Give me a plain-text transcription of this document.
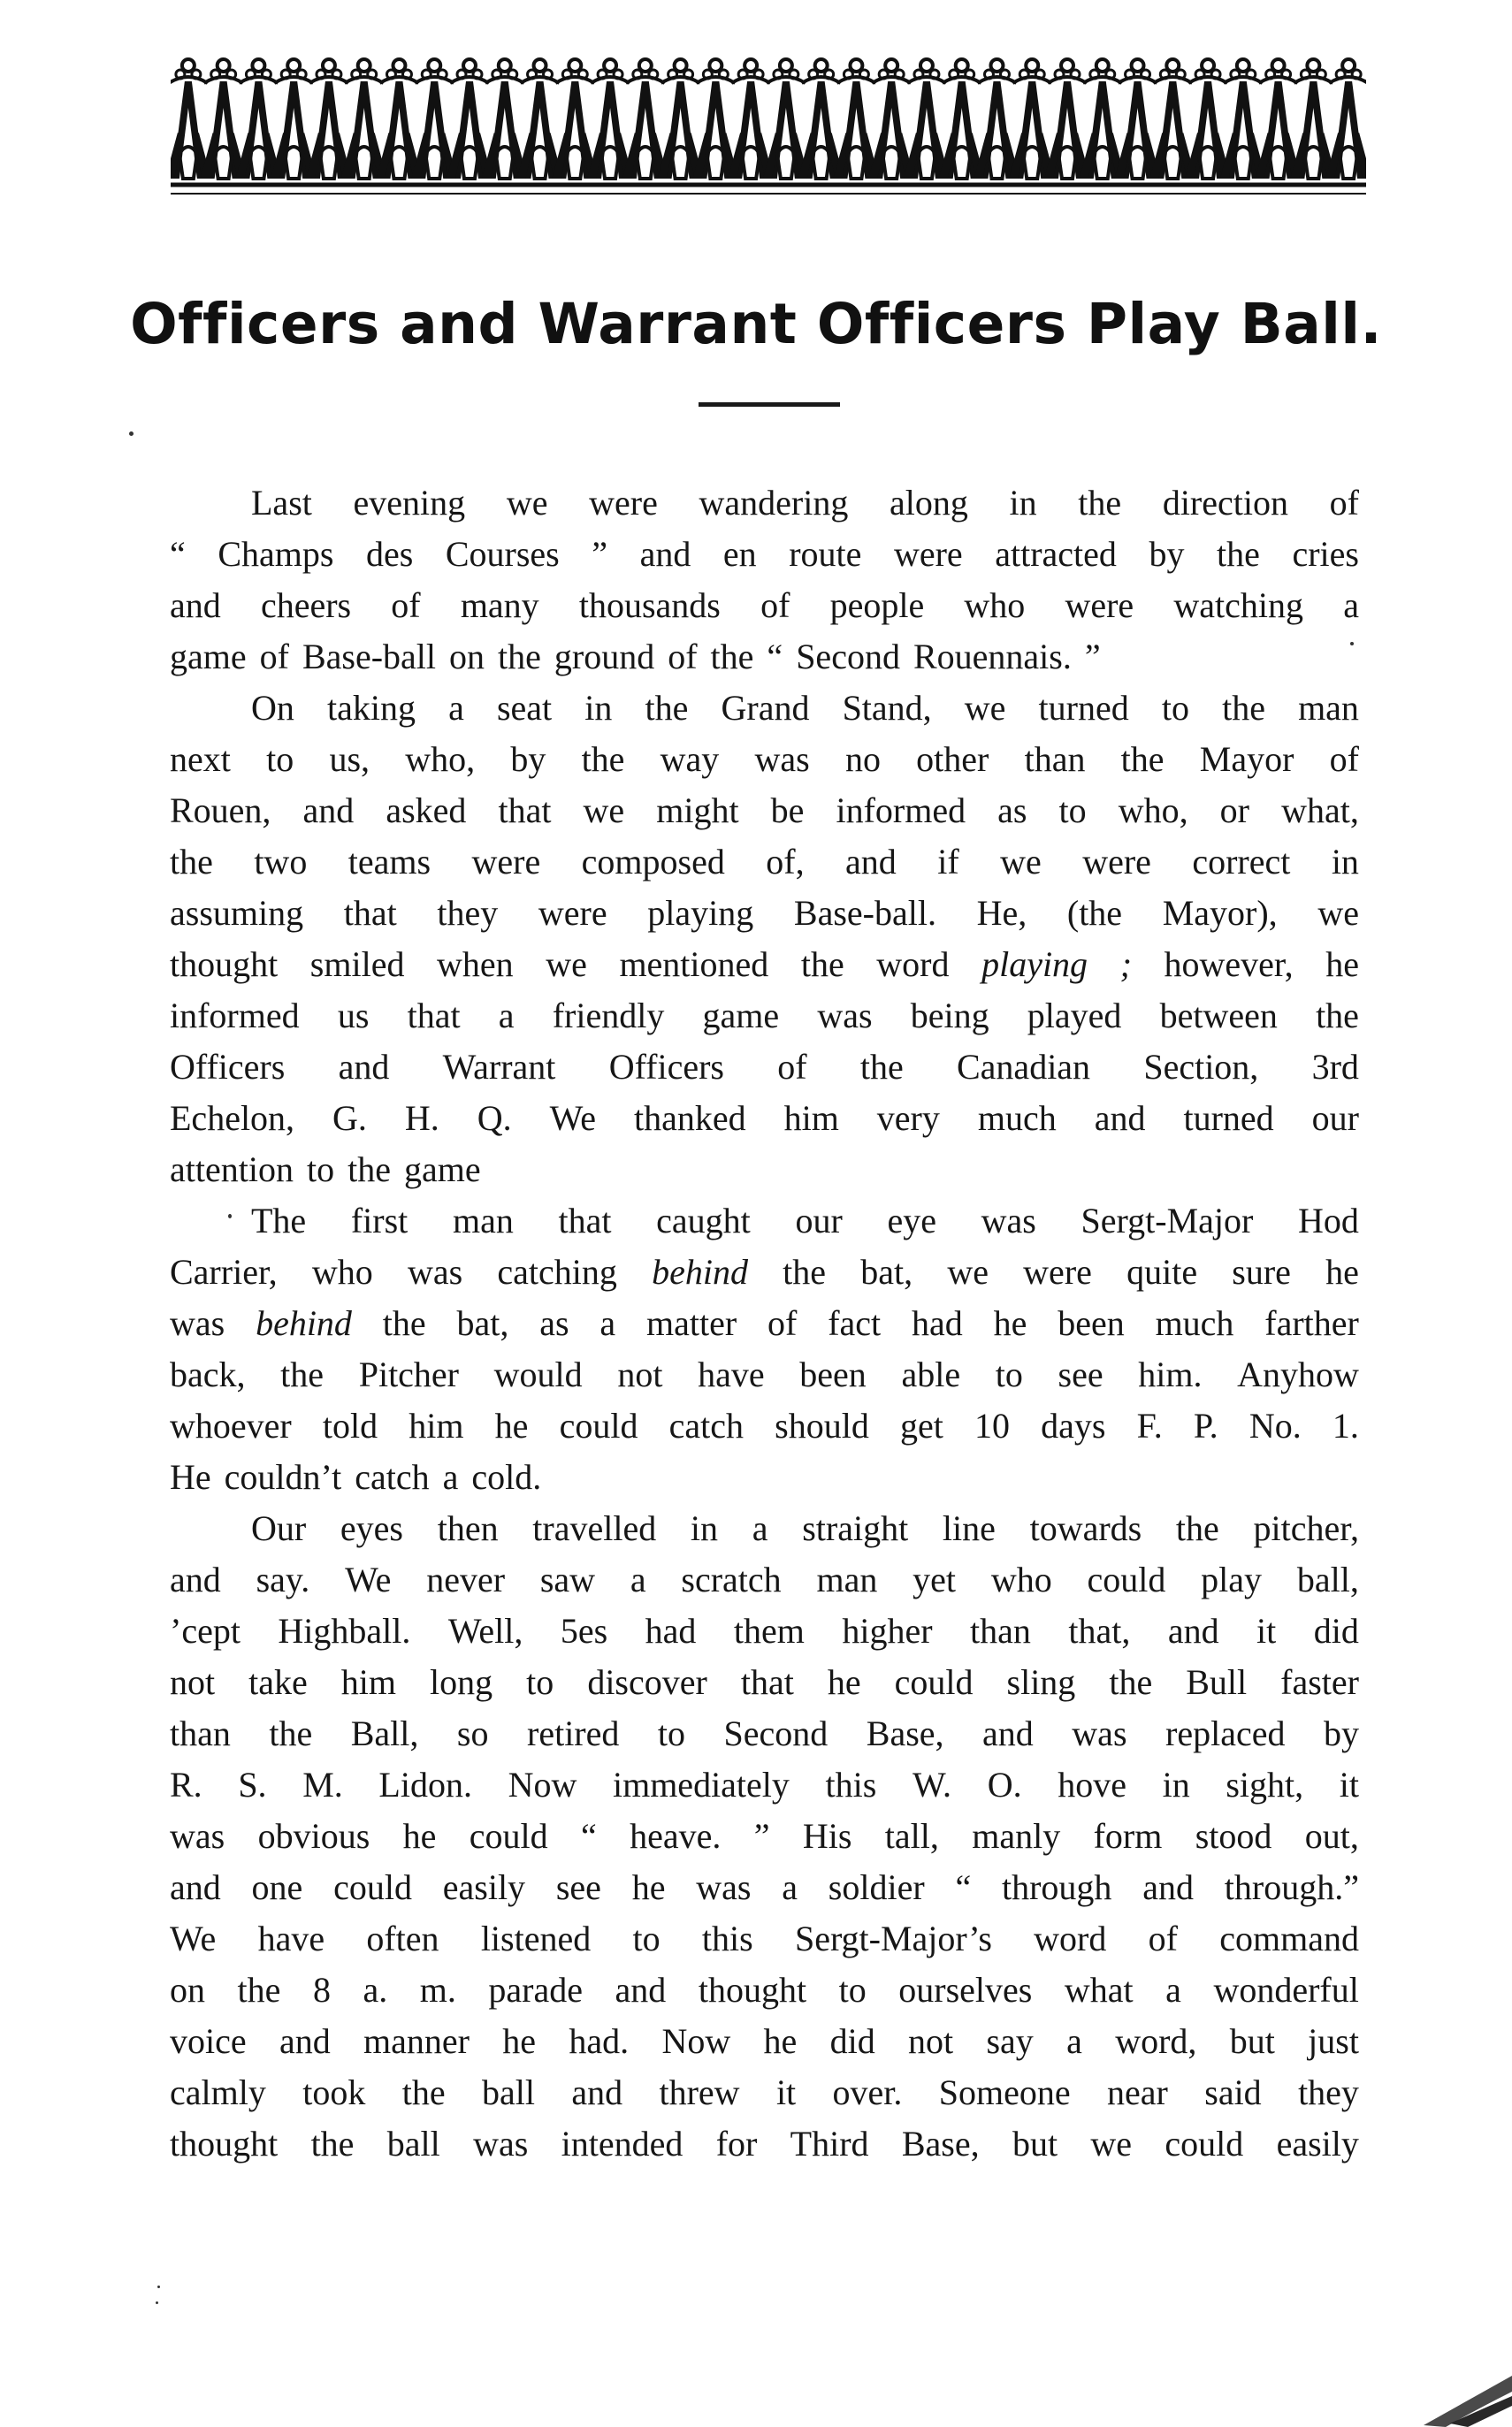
Officers and Warrant Officers Play Ball.
Last evening we were wandering along in the direction of
“ Champs des Courses ” and en route were attracted by the cries
and cheers of many thousands of people who were watching a
game of Base-ball on the ground of the “ Second Rouennais. ”
On taking a seat in the Grand Stand, we turned to the man
next to us, who, by the way was no other than the Mayor of
Rouen, and asked that we might be informed as to who, or what,
the two teams were composed of, and if we were correct in
assuming that they were playing Base-ball. He, (the Mayor), we
thought smiled when we mentioned the word playing ; however, he
informed us that a friendly game was being played between the
Officers and Warrant Officers of the Canadian Section, 3rd
Echelon, G. H. Q. We thanked him very much and turned our
attention to the game
The first man that caught our eye was Sergt-Major Hod
Carrier, who was catching behind the bat, we were quite sure he
was behind the bat, as a matter of fact had he been much farther
back, the Pitcher would not have been able to see him. Anyhow
whoever told him he could catch should get 10 days F. P. No. 1.
He couldn’t catch a cold.
Our eyes then travelled in a straight line towards the pitcher,
and say. We never saw a scratch man yet who could play ball,
’cept Highball. Well, 5es had them higher than that, and it did
not take him long to discover that he could sling the Bull faster
than the Ball, so retired to Second Base, and was replaced by
R. S. M. Lidon. Now immediately this W. O. hove in sight, it
was obvious he could “ heave. ” His tall, manly form stood out,
and one could easily see he was a soldier “ through and through.”
We have often listened to this Sergt-Major’s word of command
on the 8 a. m. parade and thought to ourselves what a wonderful
voice and manner he had. Now he did not say a word, but just
calmly took the ball and threw it over. Someone near said they
thought the ball was intended for Third Base, but we could easily
